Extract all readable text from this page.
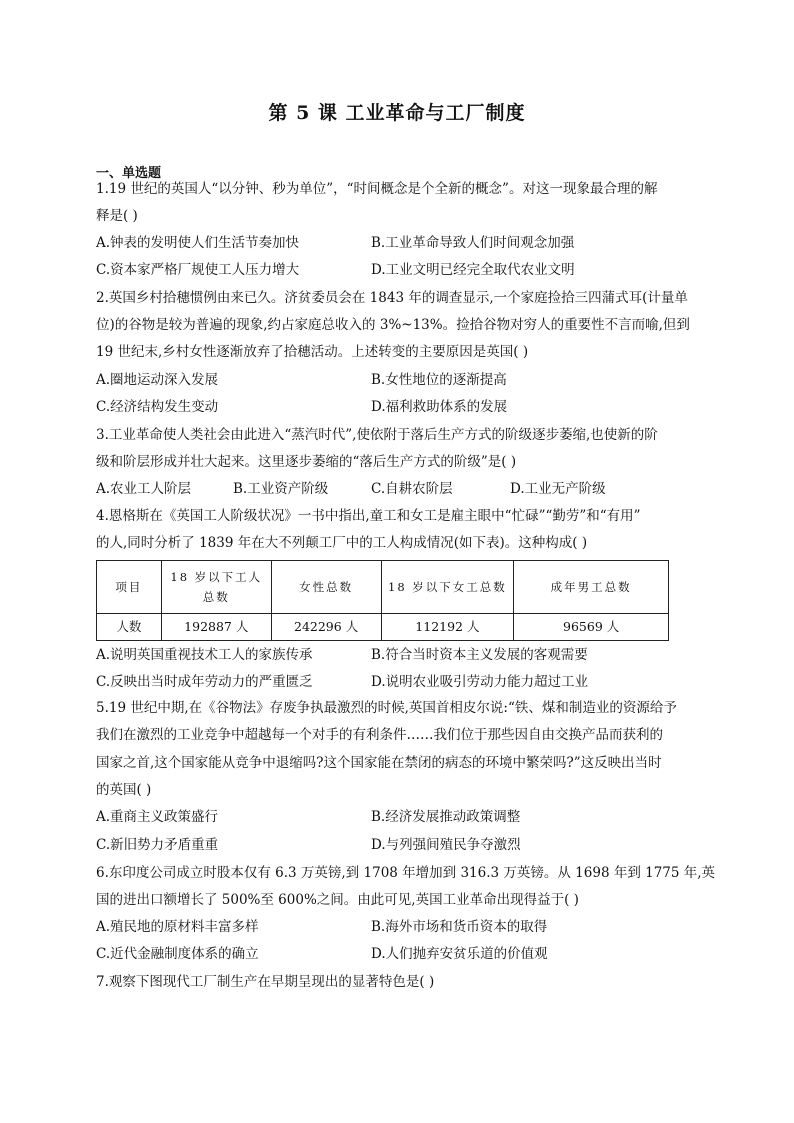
第 5 课 工业革命与工厂制度
一、单选题
1.19 世纪的英国人“以分钟、秒为单位”，“时间概念是个全新的概念”。对这一现象最合理的解
释是( )
A.钟表的发明使人们生活节奏加快	B.工业革命导致人们时间观念加强
C.资本家严格厂规使工人压力增大	D.工业文明已经完全取代农业文明
2.英国乡村拾穗惯例由来已久。济贫委员会在 1843 年的调查显示,一个家庭捡拾三四蒲式耳(计量单
位)的谷物是较为普遍的现象,约占家庭总收入的 3%~13%。捡拾谷物对穷人的重要性不言而喻,但到
19 世纪末,乡村女性逐渐放弃了拾穗活动。上述转变的主要原因是英国( )
A.圈地运动深入发展	B.女性地位的逐渐提高
C.经济结构发生变动	D.福利救助体系的发展
3.工业革命使人类社会由此进入“蒸汽时代”,使依附于落后生产方式的阶级逐步萎缩,也使新的阶
级和阶层形成并壮大起来。这里逐步萎缩的“落后生产方式的阶级”是( )
A.农业工人阶层	B.工业资产阶级	C.自耕农阶层	D.工业无产阶级
4.恩格斯在《英国工人阶级状况》一书中指出,童工和女工是雇主眼中“忙碌”“勤劳”和“有用”
的人,同时分析了 1839 年在大不列颠工厂中的工人构成情况(如下表)。这种构成( )
项目	18 岁以下工人总数	女性总数	18 岁以下女工总数	成年男工总数
人数	192887 人	242296 人	112192 人	96569 人
A.说明英国重视技术工人的家族传承	B.符合当时资本主义发展的客观需要
C.反映出当时成年劳动力的严重匮乏	D.说明农业吸引劳动力能力超过工业
5.19 世纪中期,在《谷物法》存废争执最激烈的时候,英国首相皮尔说:“铁、煤和制造业的资源给予
我们在激烈的工业竞争中超越每一个对手的有利条件……我们位于那些因自由交换产品而获利的
国家之首,这个国家能从竞争中退缩吗?这个国家能在禁闭的病态的环境中繁荣吗?”这反映出当时
的英国( )
A.重商主义政策盛行	B.经济发展推动政策调整
C.新旧势力矛盾重重	D.与列强间殖民争夺激烈
6.东印度公司成立时股本仅有 6.3 万英镑,到 1708 年增加到 316.3 万英镑。从 1698 年到 1775 年,英
国的进出口额增长了 500%至 600%之间。由此可见,英国工业革命出现得益于( )
A.殖民地的原材料丰富多样	B.海外市场和货币资本的取得
C.近代金融制度体系的确立	D.人们抛弃安贫乐道的价值观
7.观察下图现代工厂制生产在早期呈现出的显著特色是( )
